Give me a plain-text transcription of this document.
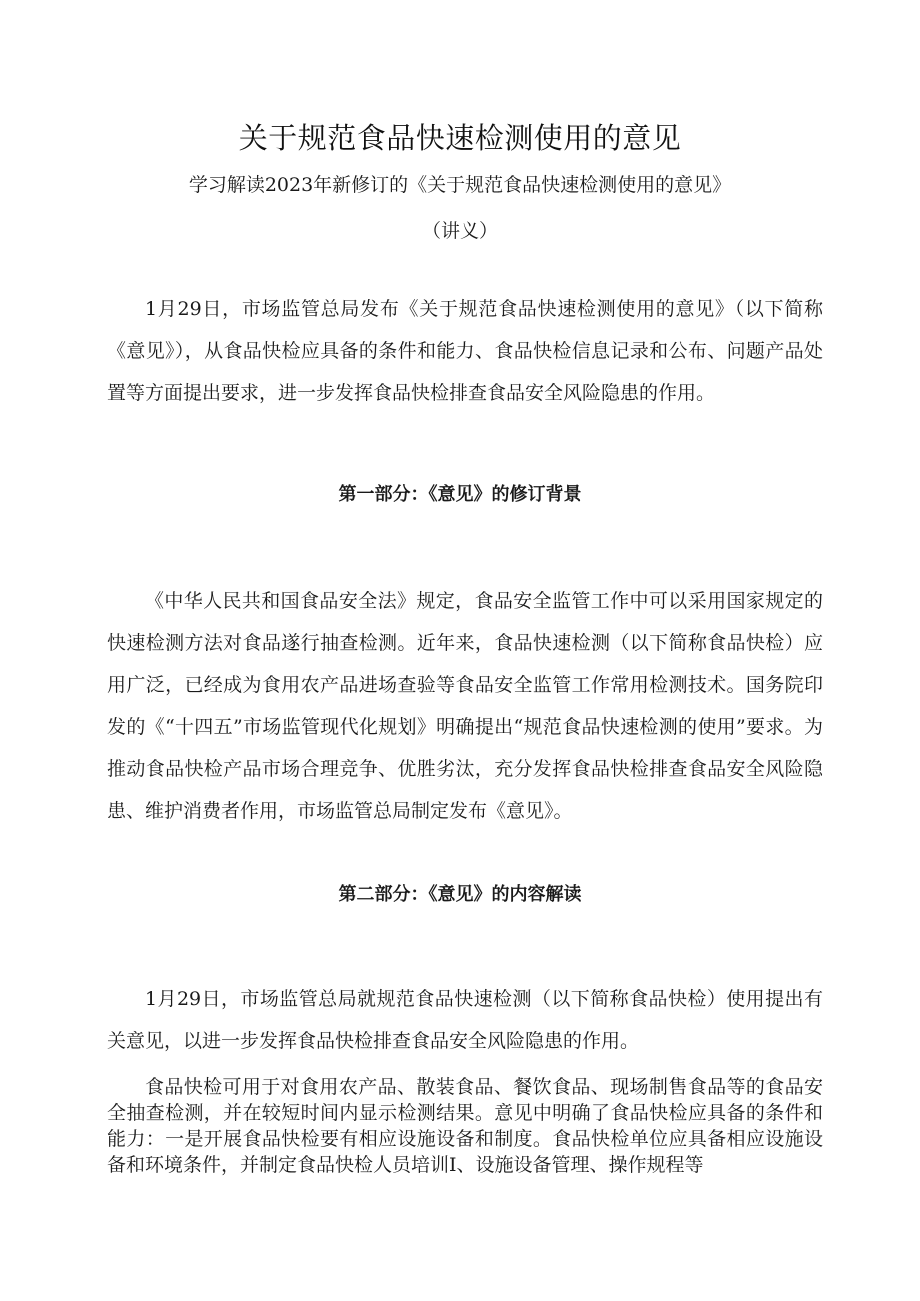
关于规范食品快速检测使用的意见
学习解读2023年新修订的《关于规范食品快速检测使用的意见》
（讲义）
1月29日，市场监管总局发布《关于规范食品快速检测使用的意见》（以下简称《意见》），从食品快检应具备的条件和能力、食品快检信息记录和公布、问题产品处置等方面提出要求，进一步发挥食品快检排查食品安全风险隐患的作用。
第一部分：《意见》的修订背景
《中华人民共和国食品安全法》规定，食品安全监管工作中可以采用国家规定的快速检测方法对食品遂行抽查检测。近年来，食品快速检测（以下简称食品快检）应用广泛，已经成为食用农产品进场查验等食品安全监管工作常用检测技术。国务院印发的《“十四五”市场监管现代化规划》明确提出“规范食品快速检测的使用”要求。为推动食品快检产品市场合理竞争、优胜劣汰，充分发挥食品快检排查食品安全风险隐患、维护消费者作用，市场监管总局制定发布《意见》。
第二部分：《意见》的内容解读
1月29日，市场监管总局就规范食品快速检测（以下简称食品快检）使用提出有关意见，以进一步发挥食品快检排查食品安全风险隐患的作用。
食品快检可用于对食用农产品、散装食品、餐饮食品、现场制售食品等的食品安全抽查检测，并在较短时间内显示检测结果。意见中明确了食品快检应具备的条件和能力：一是开展食品快检要有相应设施设备和制度。食品快检单位应具备相应设施设备和环境条件，并制定食品快检人员培训I、设施设备管理、操作规程等
